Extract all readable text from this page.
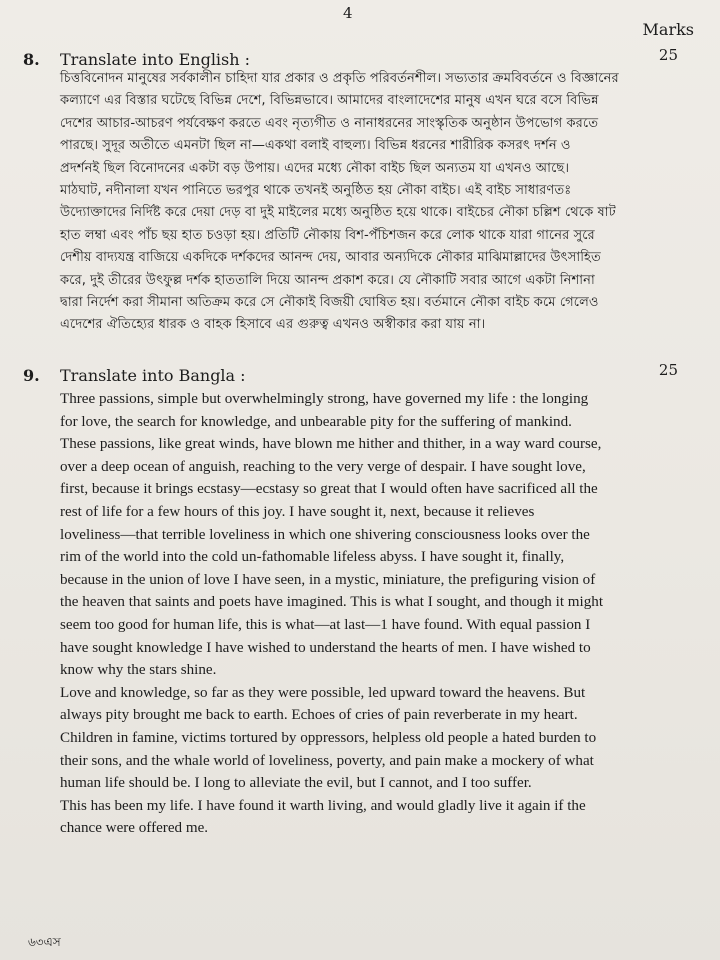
4
Marks
8. Translate into English :	25
চিত্তবিনোদন মানুষের সর্বকালীন চাহিদা যার প্রকার ও প্রকৃতি পরিবর্তনশীল। সভ্যতার ক্রমবিবর্তনে ও বিজ্ঞানের
কল্যাণে এর বিস্তার ঘটেছে বিভিন্ন দেশে, বিভিন্নভাবে। আমাদের বাংলাদেশের মানুষ এখন ঘরে বসে বিভিন্ন
দেশের আচার-আচরণ পর্যবেক্ষণ করতে এবং নৃত্যগীত ও নানাধরনের সাংস্কৃতিক অনুষ্ঠান উপভোগ করতে
পারছে। সুদূর অতীতে এমনটা ছিল না—একথা বলাই বাহুল্য। বিভিন্ন ধরনের শারীরিক কসরৎ দর্শন ও
প্রদর্শনই ছিল বিনোদনের একটা বড় উপায়। এদের মধ্যে নৌকা বাইচ ছিল অন্যতম যা এখনও আছে।
মাঠঘাট, নদীনালা যখন পানিতে ভরপুর থাকে তখনই অনুষ্ঠিত হয় নৌকা বাইচ। এই বাইচ সাধারণতঃ
উদ্যোক্তাদের নির্দিষ্ট করে দেয়া দেড় বা দুই মাইলের মধ্যে অনুষ্ঠিত হয়ে থাকে। বাইচের নৌকা চল্লিশ থেকে ষাট
হাত লম্বা এবং পাঁচ ছয় হাত চওড়া হয়। প্রতিটি নৌকায় বিশ-পঁচিশজন করে লোক থাকে যারা গানের সুরে
দেশীয় বাদ্যযন্ত্র বাজিয়ে একদিকে দর্শকদের আনন্দ দেয়, আবার অন্যদিকে নৌকার মাঝিমাল্লাদের উৎসাহিত
করে, দুই তীরের উৎফুল্ল দর্শক হাততালি দিয়ে আনন্দ প্রকাশ করে। যে নৌকাটি সবার আগে একটা নিশানা
দ্বারা নির্দেশ করা সীমানা অতিক্রম করে সে নৌকাই বিজয়ী ঘোষিত হয়। বর্তমানে নৌকা বাইচ কমে গেলেও
এদেশের ঐতিহ্যের ধারক ও বাহক হিসাবে এর গুরুত্ব এখনও অস্বীকার করা যায় না।
9. Translate into Bangla :	25
Three passions, simple but overwhelmingly strong, have governed my life : the longing
for love, the search for knowledge, and unbearable pity for the suffering of mankind.
These passions, like great winds, have blown me hither and thither, in a way ward course,
over a deep ocean of anguish, reaching to the very verge of despair. I have sought love,
first, because it brings ecstasy—ecstasy so great that I would often have sacrificed all the
rest of life for a few hours of this joy. I have sought it, next, because it relieves
loveliness—that terrible loveliness in which one shivering consciousness looks over the
rim of the world into the cold un-fathomable lifeless abyss. I have sought it, finally,
because in the union of love I have seen, in a mystic, miniature, the prefiguring vision of
the heaven that saints and poets have imagined. This is what I sought, and though it might
seem too good for human life, this is what—at last—1 have found. With equal passion I
have sought knowledge I have wished to understand the hearts of men. I have wished to
know why the stars shine.
Love and knowledge, so far as they were possible, led upward toward the heavens. But
always pity brought me back to earth. Echoes of cries of pain reverberate in my heart.
Children in famine, victims tortured by oppressors, helpless old people a hated burden to
their sons, and the whale world of loveliness, poverty, and pain make a mockery of what
human life should be. I long to alleviate the evil, but I cannot, and I too suffer.
This has been my life. I have found it warth living, and would gladly live it again if the
chance were offered me.
৬৩এস
